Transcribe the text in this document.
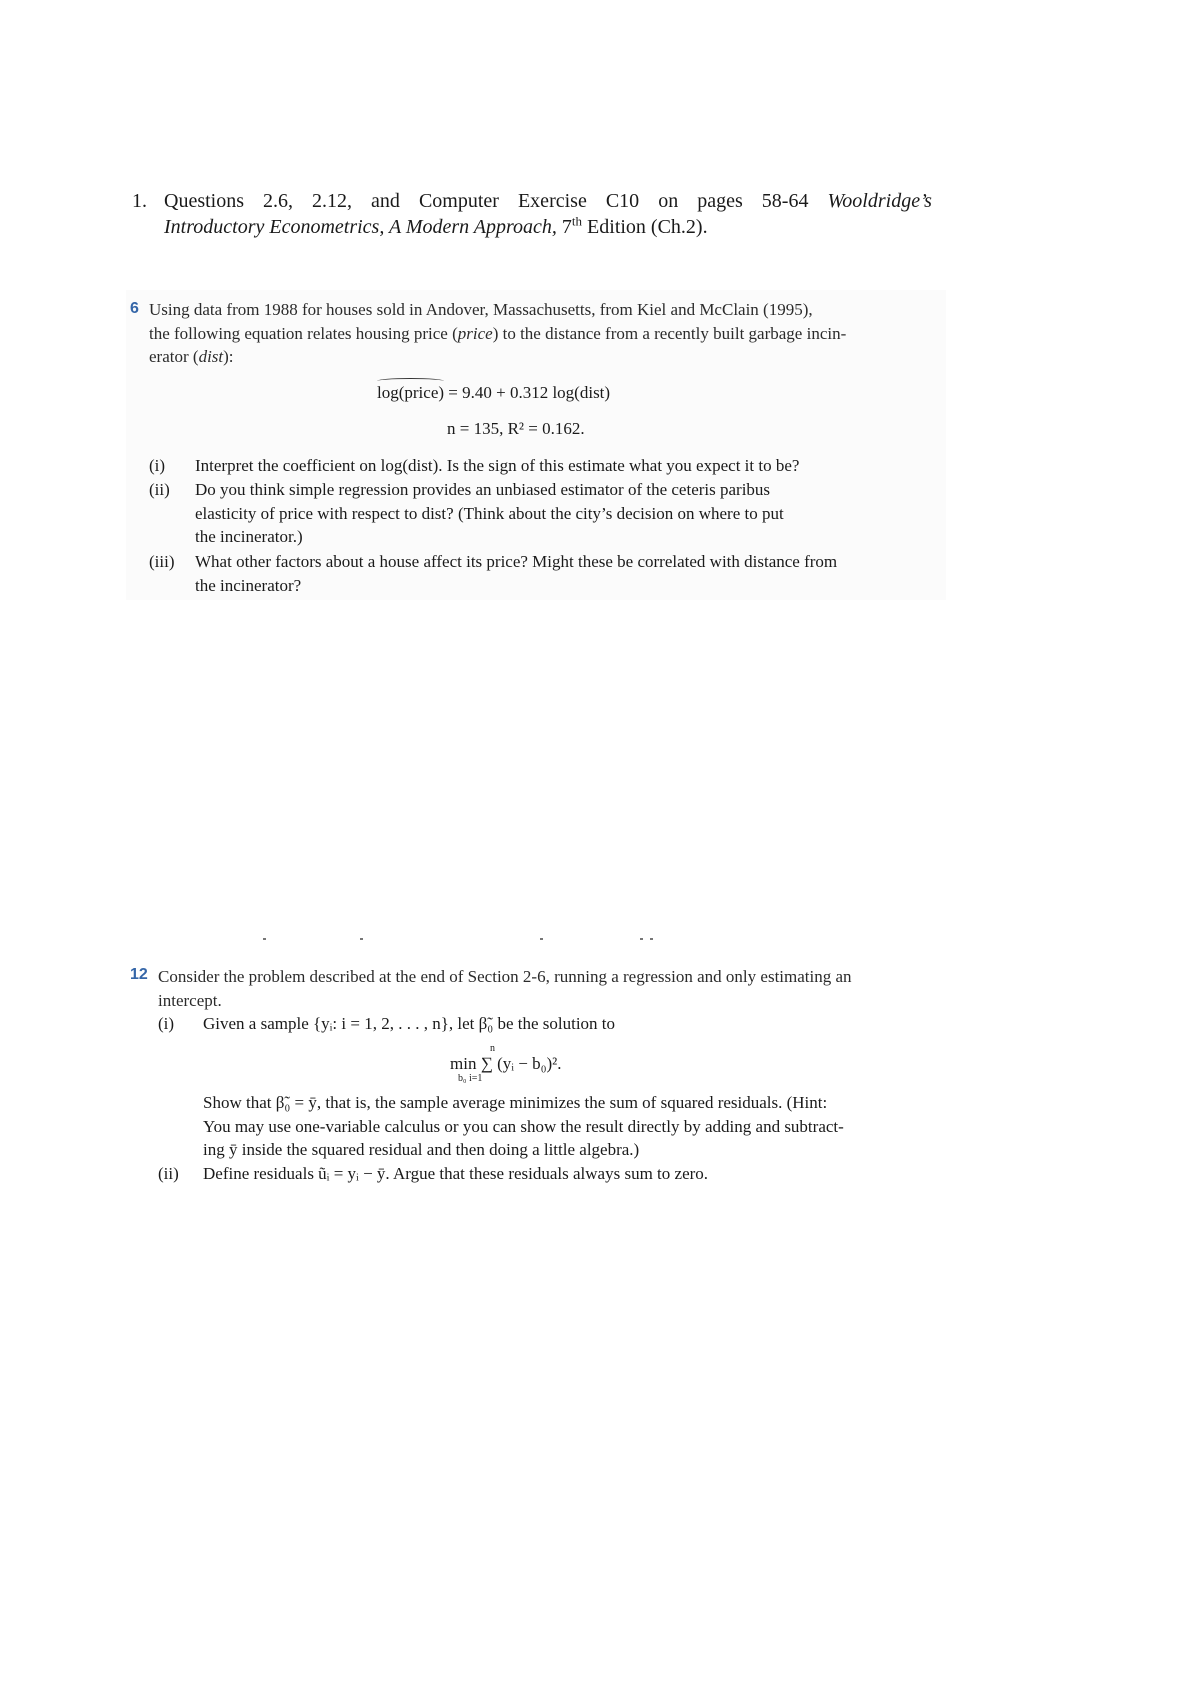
1. Questions 2.6, 2.12, and Computer Exercise C10 on pages 58-64 Wooldridge’s
Introductory Econometrics, A Modern Approach, 7th Edition (Ch.2).
6 Using data from 1988 for houses sold in Andover, Massachusetts, from Kiel and McClain (1995),
the following equation relates housing price (price) to the distance from a recently built garbage incin-
erator (dist):
log(price) = 9.40 + 0.312 log(dist)
n = 135, R² = 0.162.
(i) Interpret the coefficient on log(dist). Is the sign of this estimate what you expect it to be?
(ii) Do you think simple regression provides an unbiased estimator of the ceteris paribus
elasticity of price with respect to dist? (Think about the city’s decision on where to put
the incinerator.)
(iii) What other factors about a house affect its price? Might these be correlated with distance from
the incinerator?
12 Consider the problem described at the end of Section 2-6, running a regression and only estimating an
intercept.
(i) Given a sample {yᵢ: i = 1, 2, . . . , n}, let β̃₀ be the solution to
n
min ∑ (yᵢ − b₀)².
b₀ i=1
Show that β̃₀ = ȳ, that is, the sample average minimizes the sum of squared residuals. (Hint:
You may use one-variable calculus or you can show the result directly by adding and subtract-
ing ȳ inside the squared residual and then doing a little algebra.)
(ii) Define residuals ũᵢ = yᵢ − ȳ. Argue that these residuals always sum to zero.
